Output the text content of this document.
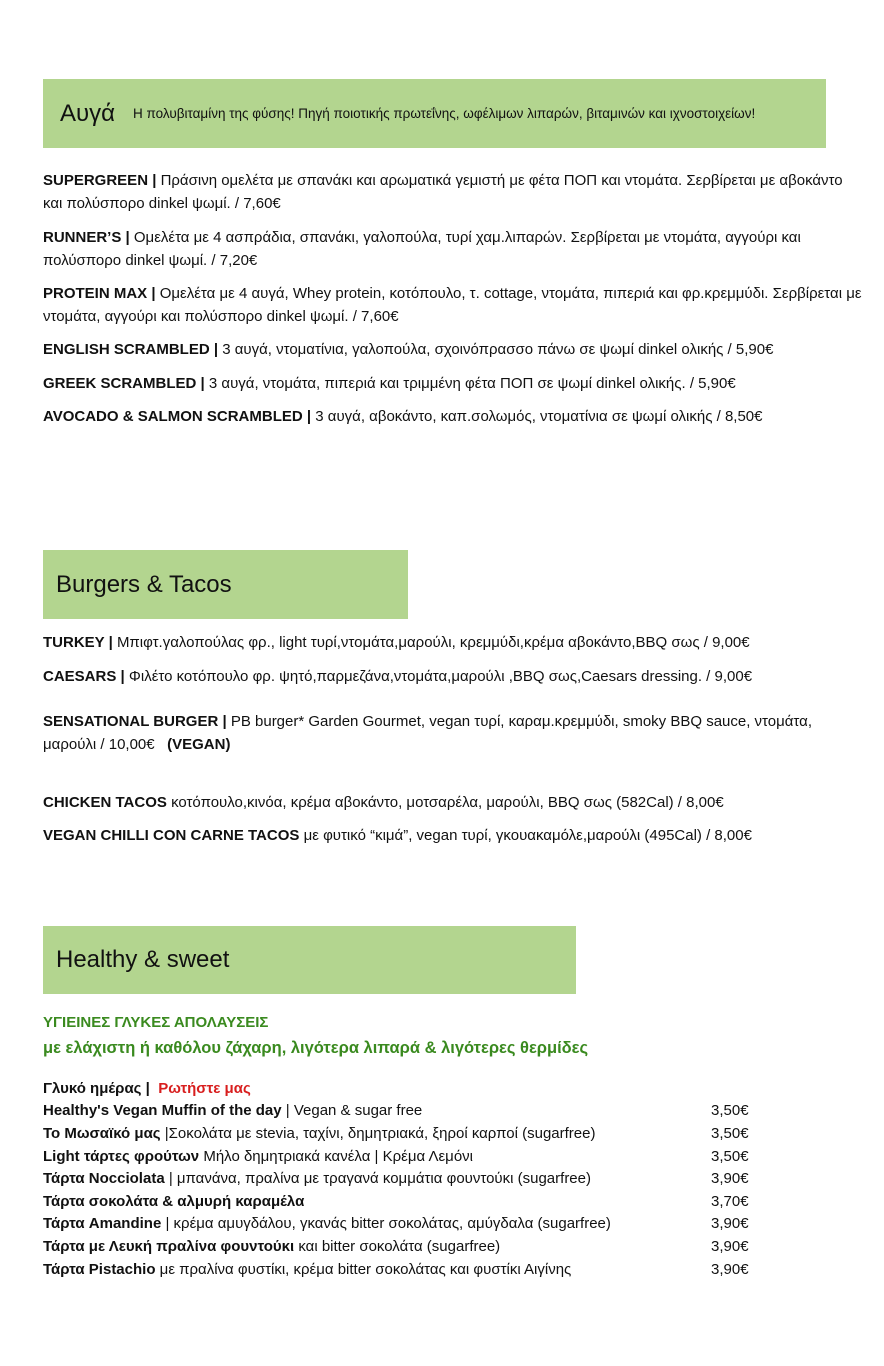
Αυγά Η πολυβιταμίνη της φύσης! Πηγή ποιοτικής πρωτεΐνης, ωφέλιμων λιπαρών, βιταμινών και ιχνοστοιχείων!
SUPERGREEN | Πράσινη ομελέτα με σπανάκι και αρωματικά γεμιστή με φέτα ΠΟΠ και ντομάτα. Σερβίρεται με αβοκάντο και πολύσπορο dinkel ψωμί. / 7,60€
RUNNER’S | Ομελέτα με 4 ασπράδια, σπανάκι, γαλοπούλα, τυρί χαμ.λιπαρών. Σερβίρεται με ντομάτα, αγγούρι και πολύσπορο dinkel ψωμί. / 7,20€
PROTEIN MAX | Ομελέτα με 4 αυγά, Whey protein, κοτόπουλο, τ. cottage, ντομάτα, πιπεριά και φρ.κρεμμύδι. Σερβίρεται με ντομάτα, αγγούρι και πολύσπορο dinkel ψωμί. / 7,60€
ENGLISH SCRAMBLED | 3 αυγά, ντοματίνια, γαλοπούλα, σχοινόπρασσο πάνω σε ψωμί dinkel ολικής / 5,90€
GREEK SCRAMBLED | 3 αυγά, ντομάτα, πιπεριά και τριμμένη φέτα ΠΟΠ σε ψωμί dinkel ολικής. / 5,90€
AVOCADO & SALMON SCRAMBLED | 3 αυγά, αβοκάντο, καπ.σολωμός, ντοματίνια σε ψωμί ολικής / 8,50€
Burgers & Tacos
TURKEY | Μπιφτ.γαλοπούλας φρ., light τυρί,ντομάτα,μαρούλι, κρεμμύδι,κρέμα αβοκάντο,BBQ σως / 9,00€
CAESARS | Φιλέτο κοτόπουλο φρ. ψητό,παρμεζάνα,ντομάτα,μαρούλι ,BBQ σως,Caesars dressing. / 9,00€
SENSATIONAL BURGER | PB burger* Garden Gourmet, vegan τυρί, καραμ.κρεμμύδι, smoky BBQ sauce, ντομάτα, μαρούλι / 10,00€ (VEGAN)
CHICKEN TACOS κοτόπουλο,κινόα, κρέμα αβοκάντο, μοτσαρέλα, μαρούλι, BBQ σως (582Cal) / 8,00€
VEGAN CHILLI CON CARNE TACOS με φυτικό “κιμά”, vegan τυρί, γκουακαμόλε,μαρούλι (495Cal) / 8,00€
Healthy & sweet
ΥΓΙΕΙΝΕΣ ΓΛΥΚΕΣ ΑΠΟΛΑΥΣΕΙΣ
με ελάχιστη ή καθόλου ζάχαρη, λιγότερα λιπαρά & λιγότερες θερμίδες
Γλυκό ημέρας | Ρωτήστε μας
Healthy's Vegan Muffin of the day | Vegan & sugar free	3,50€
Το Μωσαϊκό μας |Σοκολάτα με stevia, ταχίνι, δημητριακά, ξηροί καρποί (sugarfree)	3,50€
Light τάρτες φρούτων Μήλο δημητριακά κανέλα | Κρέμα Λεμόνι	3,50€
Τάρτα Nocciolata | μπανάνα, πραλίνα με τραγανά κομμάτια φουντούκι (sugarfree)	3,90€
Τάρτα σοκολάτα & αλμυρή καραμέλα	3,70€
Τάρτα Amandine | κρέμα αμυγδάλου, γκανάς bitter σοκολάτας, αμύγδαλα (sugarfree)	3,90€
Τάρτα με Λευκή πραλίνα φουντούκι και bitter σοκολάτα (sugarfree)	3,90€
Τάρτα Pistachio με πραλίνα φυστίκι, κρέμα bitter σοκολάτας και φυστίκι Αιγίνης	3,90€
